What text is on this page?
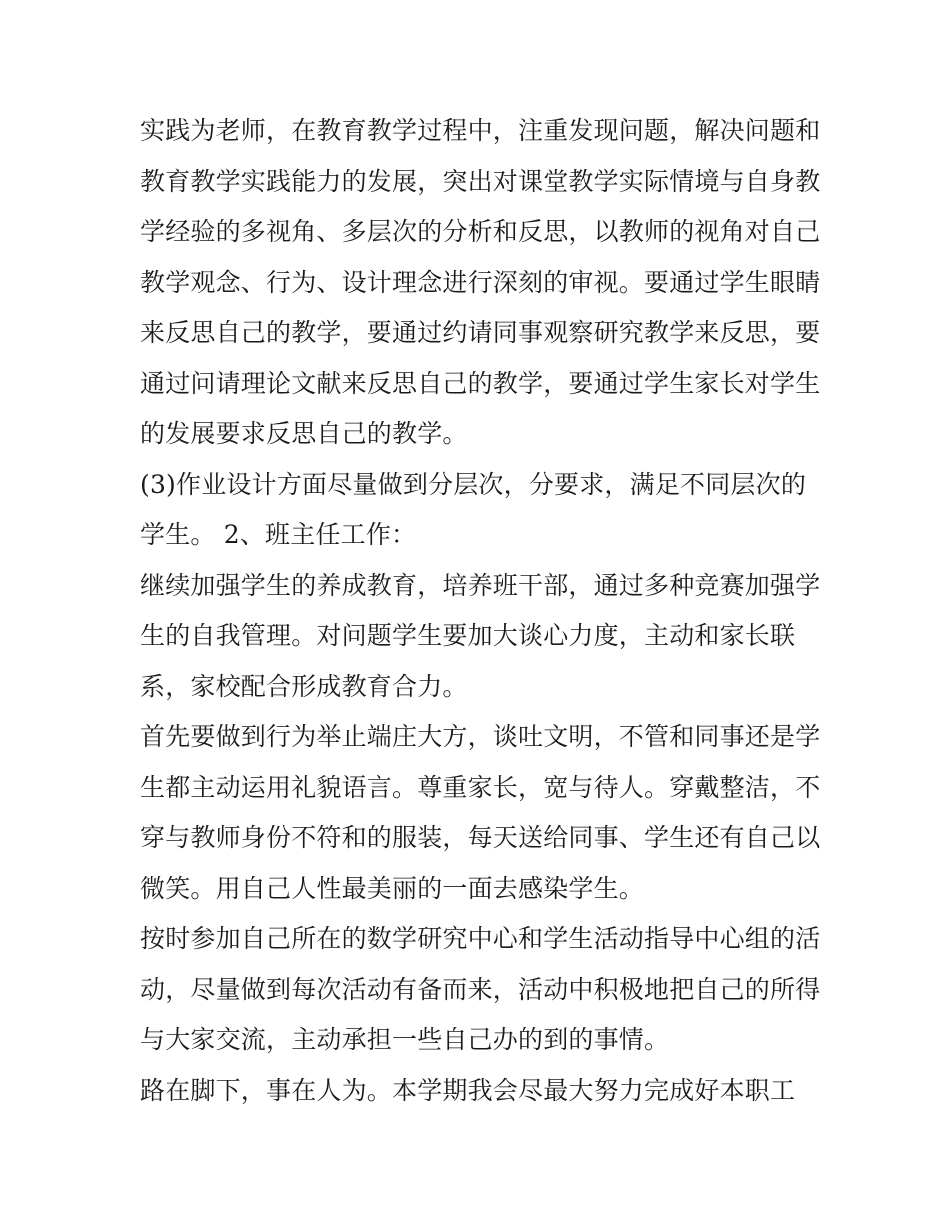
实践为老师，在教育教学过程中，注重发现问题，解决问题和
教育教学实践能力的发展，突出对课堂教学实际情境与自身教
学经验的多视角、多层次的分析和反思，以教师的视角对自己
教学观念、行为、设计理念进行深刻的审视。要通过学生眼睛
来反思自己的教学，要通过约请同事观察研究教学来反思，要
通过问请理论文献来反思自己的教学，要通过学生家长对学生
的发展要求反思自己的教学。
(3)作业设计方面尽量做到分层次，分要求，满足不同层次的
学生。 2、班主任工作：
继续加强学生的养成教育，培养班干部，通过多种竞赛加强学
生的自我管理。对问题学生要加大谈心力度，主动和家长联
系，家校配合形成教育合力。
首先要做到行为举止端庄大方，谈吐文明，不管和同事还是学
生都主动运用礼貌语言。尊重家长，宽与待人。穿戴整洁，不
穿与教师身份不符和的服装，每天送给同事、学生还有自己以
微笑。用自己人性最美丽的一面去感染学生。
按时参加自己所在的数学研究中心和学生活动指导中心组的活
动，尽量做到每次活动有备而来，活动中积极地把自己的所得
与大家交流，主动承担一些自己办的到的事情。
路在脚下，事在人为。本学期我会尽最大努力完成好本职工
